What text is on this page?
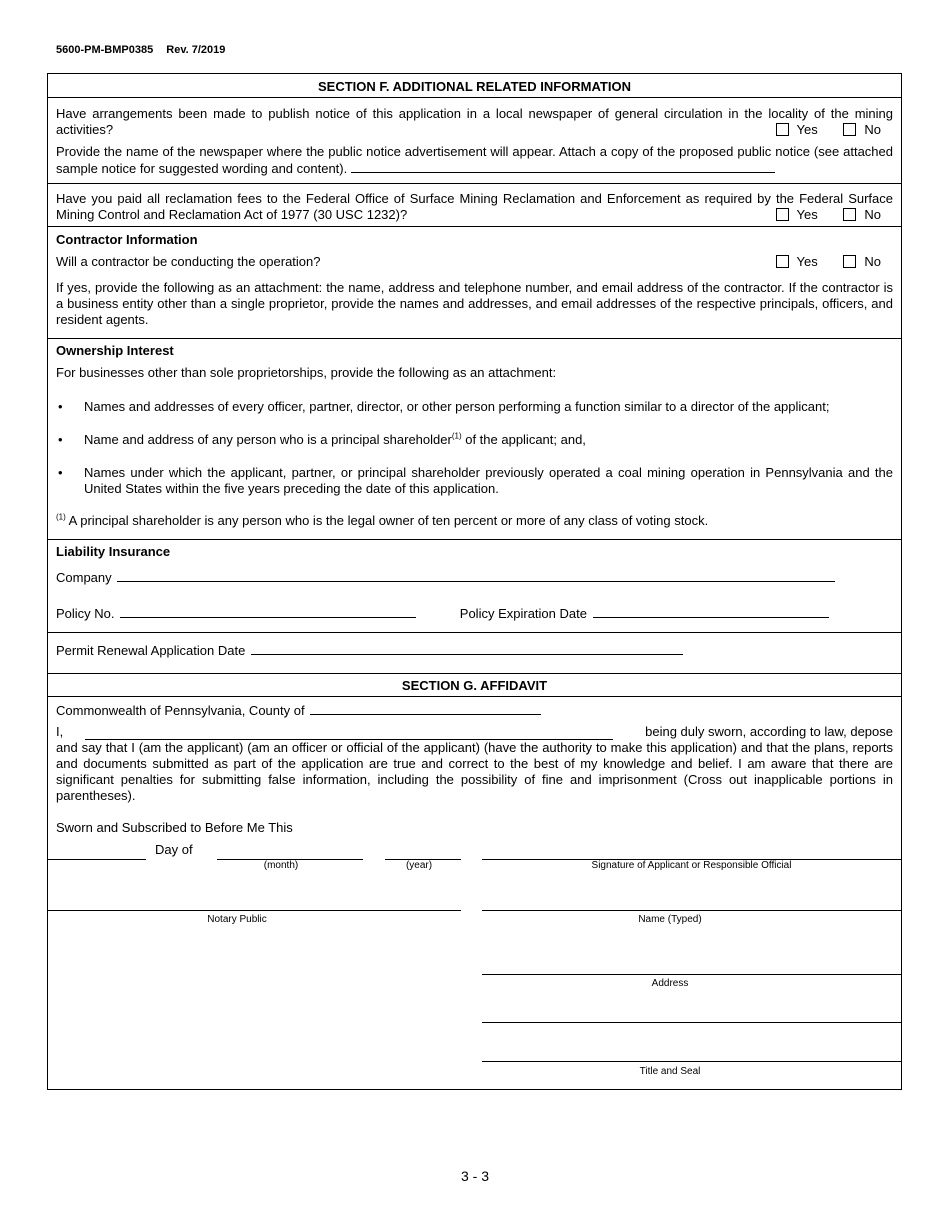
5600-PM-BMP0385 Rev. 7/2019
SECTION F. ADDITIONAL RELATED INFORMATION
Have arrangements been made to publish notice of this application in a local newspaper of general circulation in the locality of the mining activities?	Yes	No
Provide the name of the newspaper where the public notice advertisement will appear. Attach a copy of the proposed public notice (see attached sample notice for suggested wording and content).
Have you paid all reclamation fees to the Federal Office of Surface Mining Reclamation and Enforcement as required by the Federal Surface Mining Control and Reclamation Act of 1977 (30 USC 1232)?	Yes	No
Contractor Information
Will a contractor be conducting the operation?	Yes	No
If yes, provide the following as an attachment: the name, address and telephone number, and email address of the contractor. If the contractor is a business entity other than a single proprietor, provide the names and addresses, and email addresses of the respective principals, officers, and resident agents.
Ownership Interest
For businesses other than sole proprietorships, provide the following as an attachment:
• Names and addresses of every officer, partner, director, or other person performing a function similar to a director of the applicant;
• Name and address of any person who is a principal shareholder$^{(1)}$ of the applicant; and,
• Names under which the applicant, partner, or principal shareholder previously operated a coal mining operation in Pennsylvania and the United States within the five years preceding the date of this application.
$^{(1)}$ A principal shareholder is any person who is the legal owner of ten percent or more of any class of voting stock.
Liability Insurance
Company
Policy No.	Policy Expiration Date
Permit Renewal Application Date
SECTION G. AFFIDAVIT
Commonwealth of Pennsylvania, County of
I,	being duly sworn, according to law, depose
and say that I (am the applicant) (am an officer or official of the applicant) (have the authority to make this application) and that the plans, reports and documents submitted as part of the application are true and correct to the best of my knowledge and belief. I am aware that there are significant penalties for submitting false information, including the possibility of fine and imprisonment (Cross out inapplicable portions in parentheses).
Sworn and Subscribed to Before Me This
Day of
(month)	(year)	Signature of Applicant or Responsible Official
Notary Public	Name (Typed)
Address
Title and Seal
3 - 3
